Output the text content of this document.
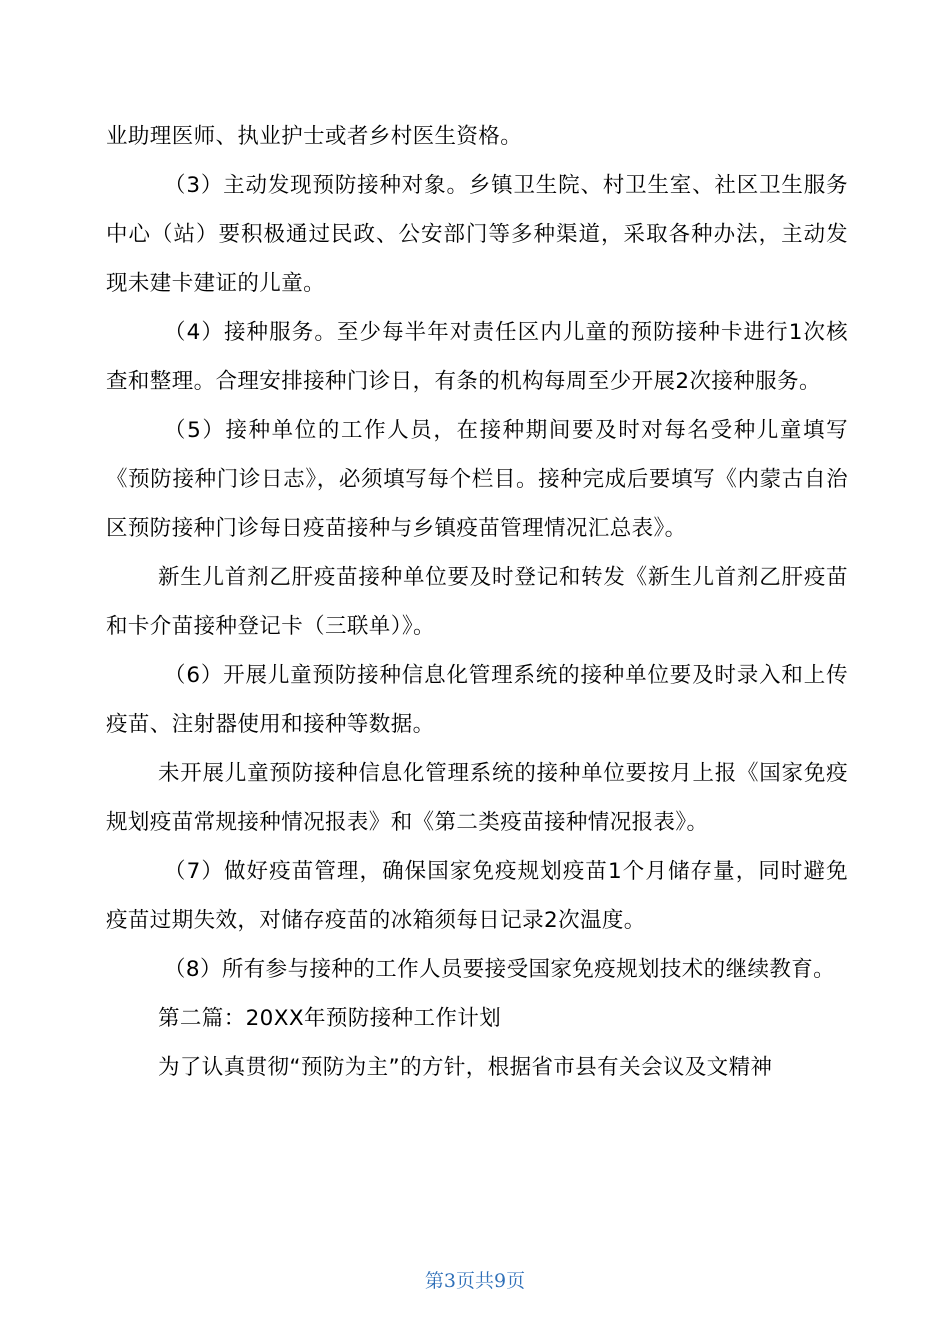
业助理医师、执业护士或者乡村医生资格。

（3）主动发现预防接种对象。乡镇卫生院、村卫生室、社区卫生服务中心（站）要积极通过民政、公安部门等多种渠道，采取各种办法，主动发现未建卡建证的儿童。

（4）接种服务。至少每半年对责任区内儿童的预防接种卡进行1次核查和整理。合理安排接种门诊日，有条的机构每周至少开展2次接种服务。

（5）接种单位的工作人员，在接种期间要及时对每名受种儿童填写《预防接种门诊日志》，必须填写每个栏目。接种完成后要填写《内蒙古自治区预防接种门诊每日疫苗接种与乡镇疫苗管理情况汇总表》。

新生儿首剂乙肝疫苗接种单位要及时登记和转发《新生儿首剂乙肝疫苗和卡介苗接种登记卡（三联单）》。

（6）开展儿童预防接种信息化管理系统的接种单位要及时录入和上传疫苗、注射器使用和接种等数据。

未开展儿童预防接种信息化管理系统的接种单位要按月上报《国家免疫规划疫苗常规接种情况报表》和《第二类疫苗接种情况报表》。

（7）做好疫苗管理，确保国家免疫规划疫苗1个月储存量，同时避免疫苗过期失效，对储存疫苗的冰箱须每日记录2次温度。

（8）所有参与接种的工作人员要接受国家免疫规划技术的继续教育。

第二篇：20XX年预防接种工作计划

为了认真贯彻“预防为主”的方针，根据省市县有关会议及文精神

第3页共9页
